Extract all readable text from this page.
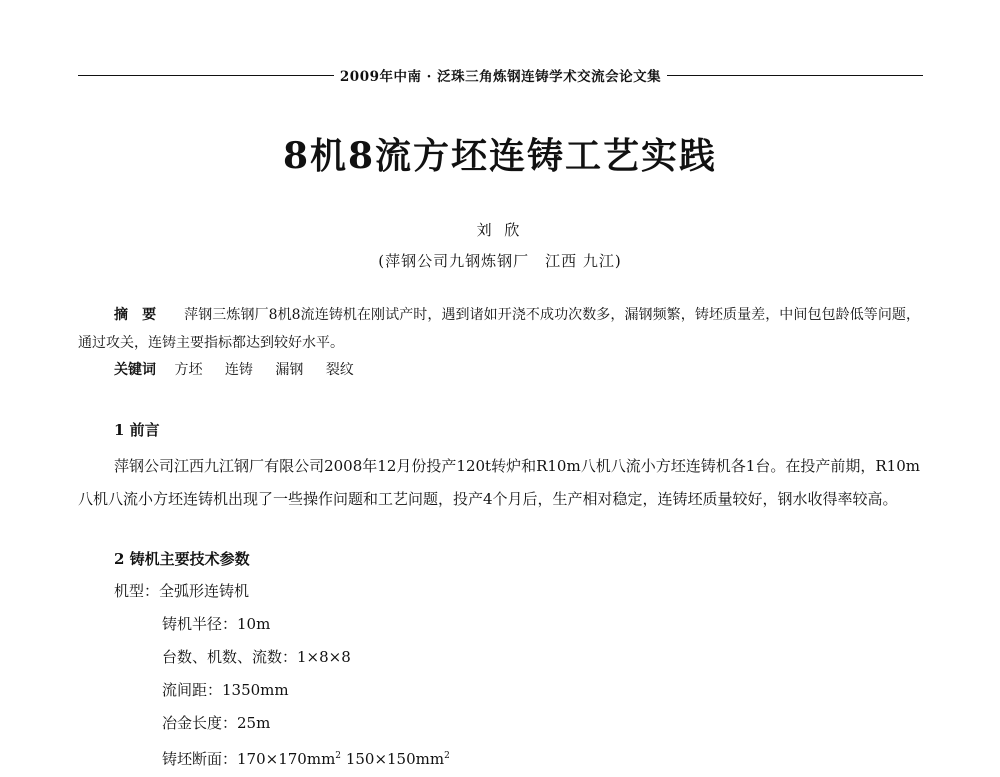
2009年中南 · 泛珠三角炼钢连铸学术交流会论文集
8机8流方坯连铸工艺实践
刘 欣
(萍钢公司九钢炼钢厂　江西 九江)
摘要 萍钢三炼钢厂8机8流连铸机在刚试产时，遇到诸如开浇不成功次数多，漏钢频繁，铸坯质量差，中间包包龄低等问题，通过攻关，连铸主要指标都达到较好水平。
关键词 方坯 连铸 漏钢 裂纹
1 前言
萍钢公司江西九江钢厂有限公司2008年12月份投产120t转炉和R10m八机八流小方坯连铸机各1台。在投产前期，R10m八机八流小方坯连铸机出现了一些操作问题和工艺问题，投产4个月后，生产相对稳定，连铸坯质量较好，钢水收得率较高。
2 铸机主要技术参数
机型：全弧形连铸机
铸机半径：10m
台数、机数、流数：1×8×8
流间距：1350mm
冶金长度：25m
铸坯断面：$170\times 170mm^2$ $150\times 150mm^2$
